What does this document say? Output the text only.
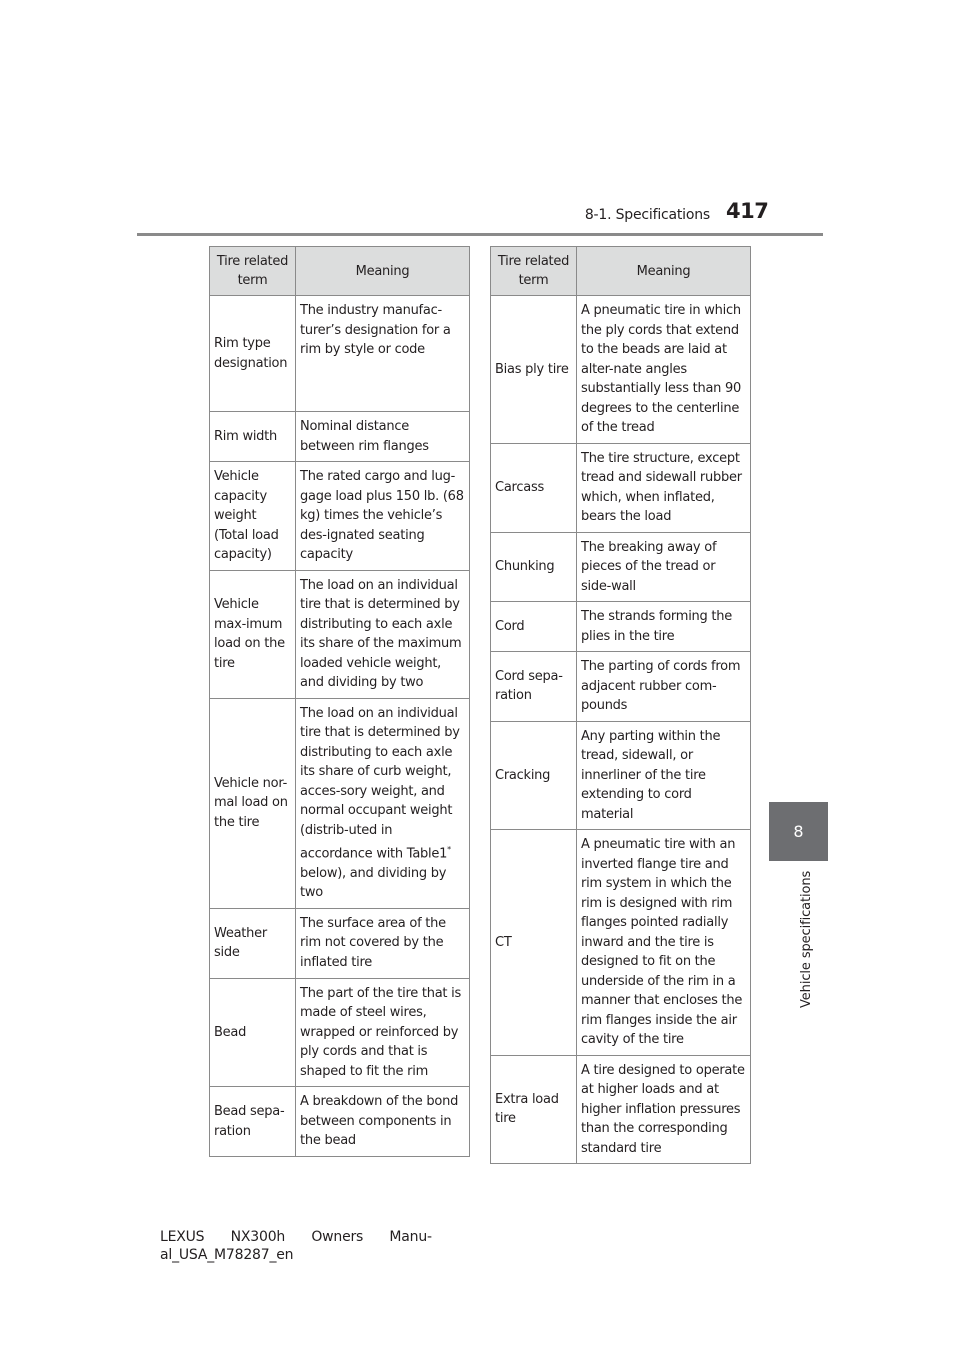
8-1. Specifications 417
8
Vehicle specifications
Tire related term	Meaning
Rim type designation	The industry manufac-turer’s designation for a rim by style or code
Rim width	Nominal distance between rim flanges
Vehicle capacity weight (Total load capacity)	The rated cargo and lug-gage load plus 150 lb. (68 kg) times the vehicle’s des-ignated seating capacity
Vehicle max-imum load on the tire	The load on an individual tire that is determined by distributing to each axle its share of the maximum loaded vehicle weight, and dividing by two
Vehicle nor-mal load on the tire	The load on an individual tire that is determined by distributing to each axle its share of curb weight, acces-sory weight, and normal occupant weight (distrib-uted in accordance with Table1* below), and dividing by two
Weather side	The surface area of the rim not covered by the inflated tire
Bead	The part of the tire that is made of steel wires, wrapped or reinforced by ply cords and that is shaped to fit the rim
Bead sepa-ration	A breakdown of the bond between components in the bead
Tire related term	Meaning
Bias ply tire	A pneumatic tire in which the ply cords that extend to the beads are laid at alter-nate angles substantially less than 90 degrees to the centerline of the tread
Carcass	The tire structure, except tread and sidewall rubber which, when inflated, bears the load
Chunking	The breaking away of pieces of the tread or side-wall
Cord	The strands forming the plies in the tire
Cord sepa-ration	The parting of cords from adjacent rubber com-pounds
Cracking	Any parting within the tread, sidewall, or innerliner of the tire extending to cord material
CT	A pneumatic tire with an inverted flange tire and rim system in which the rim is designed with rim flanges pointed radially inward and the tire is designed to fit on the underside of the rim in a manner that encloses the rim flanges inside the air cavity of the tire
Extra load tire	A tire designed to operate at higher loads and at higher inflation pressures than the corresponding standard tire
LEXUS NX300h Owners Manu-
al_USA_M78287_en
